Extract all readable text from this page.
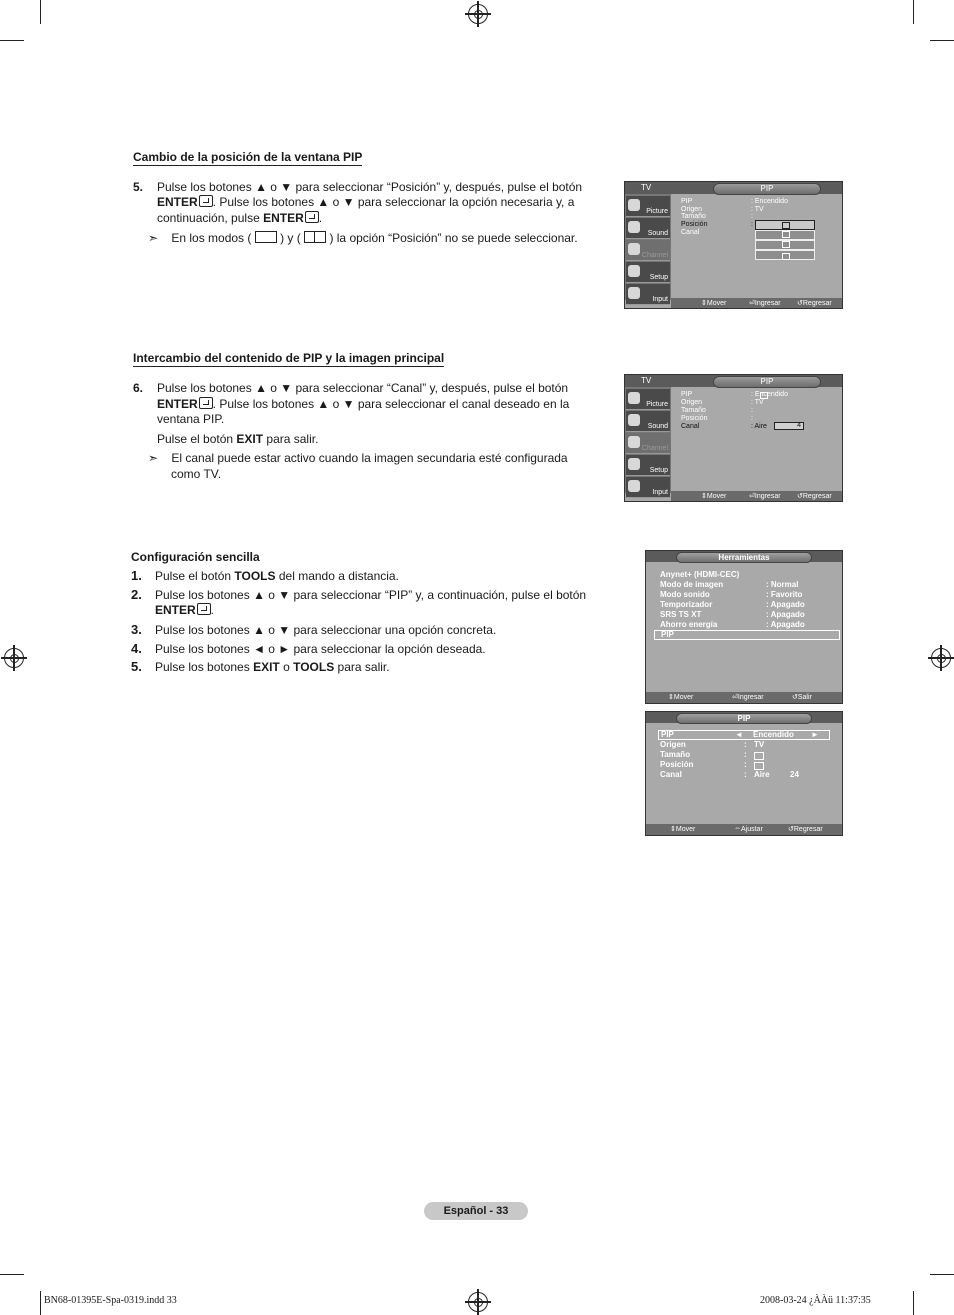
Cambio de la posición de la ventana PIP
5. Pulse los botones ▲ o ▼ para seleccionar “Posición” y, después, pulse el botón
ENTER . Pulse los botones ▲ o ▼ para seleccionar la opción necesaria y, a
continuación, pulse ENTER .
➣ En los modos ( ) y ( ) la opción “Posición” no se puede seleccionar.
TV	PIP
Picture
Sound
Channel
Setup
Input
PIP	: Encendido
Origen	: TV
Tamaño	:
Posición	:
Canal
⇕ Mover	⏎ Ingresar ↺ Regresar
Intercambio del contenido de PIP y la imagen principal
6. Pulse los botones ▲ o ▼ para seleccionar “Canal” y, después, pulse el botón
ENTER . Pulse los botones ▲ o ▼ para seleccionar el canal deseado en la
ventana PIP.
Pulse el botón EXIT para salir.
➣ El canal puede estar activo cuando la imagen secundaria esté configurada
como TV.
TV	PIP
Picture
Sound
Channel
Setup
Input
PIP	: Encendido
Origen	: TV
Tamaño	:
Posición	:
Canal	: Aire	4
⇕ Mover	⏎ Ingresar ↺ Regresar
Configuración sencilla
1. Pulse el botón TOOLS del mando a distancia.
2. Pulse los botones ▲ o ▼ para seleccionar “PIP” y, a continuación, pulse el botón
ENTER .
3. Pulse los botones ▲ o ▼ para seleccionar una opción concreta.
4. Pulse los botones ◄ o ► para seleccionar la opción deseada.
5. Pulse los botones EXIT o TOOLS para salir.
Herramientas
Anynet+ (HDMI-CEC)
Modo de imagen	: Normal
Modo sonido	: Favorito
Temporizador	: Apagado
SRS TS XT	: Apagado
Ahorro energía	: Apagado
PIP
⇕ Mover	⏎ Ingresar	↺ Salir
PIP
PIP	◄ Encendido ►
Origen	: TV
Tamaño	:
Posición	:
Canal	: Aire	24
⇕ Mover	⇔ Ajustar	↺ Regresar
Español - 33
BN68-01395E-Spa-0319.indd 33	2008-03-24 ¿ÀÀü 11:37:35
